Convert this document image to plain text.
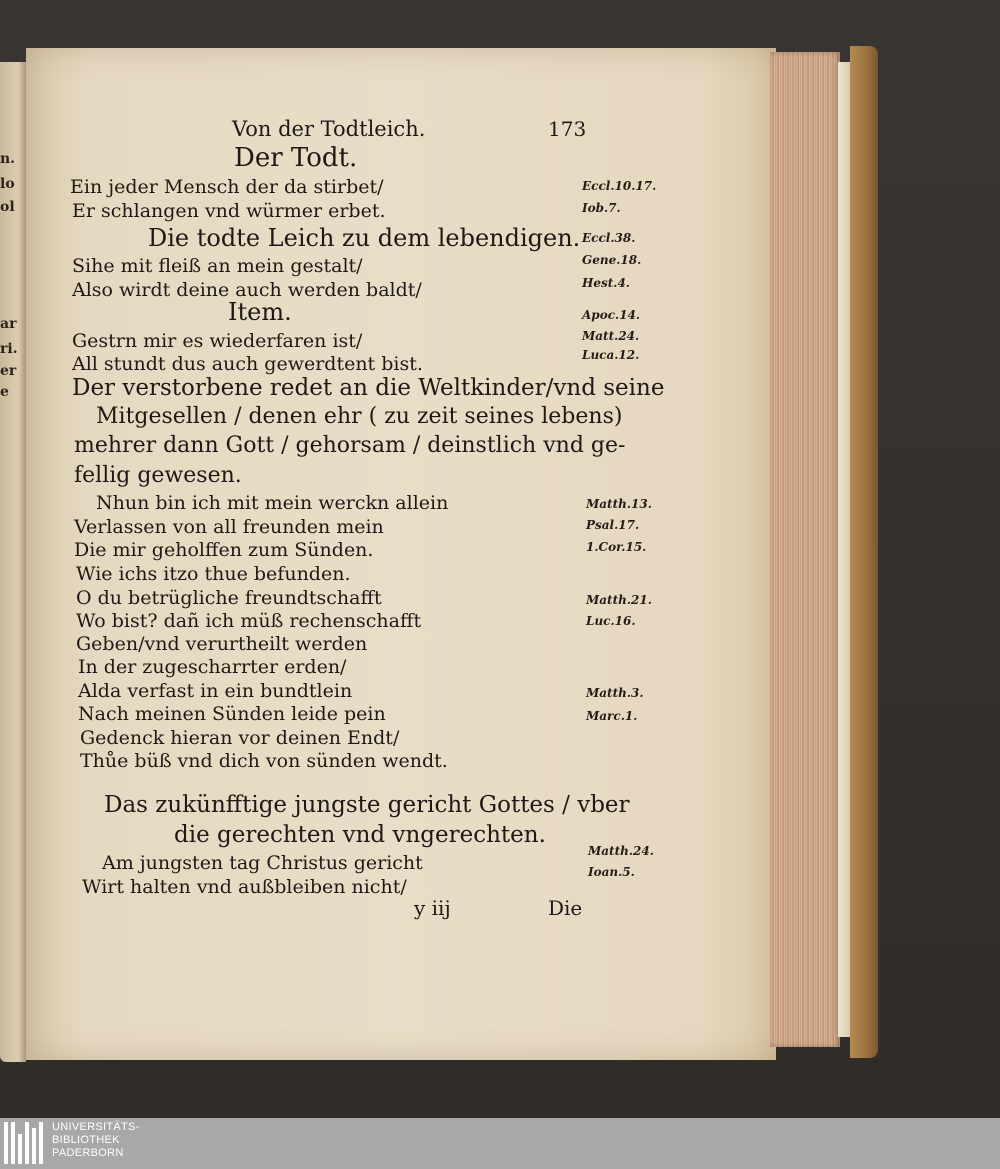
n.
lo
ol
ar
ri.
er
e
Von der Todtleich.	173
Der Todt.
Ein jeder Mensch der da stirbet/
Er schlangen vnd würmer erbet.
Die todte Leich zu dem lebendigen.
Sihe mit fleiß an mein gestalt/
Also wirdt deine auch werden baldt/
Item.
Gestrn mir es wiederfaren ist/
All stundt dus auch gewerdtent bist.
Der verstorbene redet an die Weltkinder/vnd seine
Mitgesellen / denen ehr ( zu zeit seines lebens)
mehrer dann Gott / gehorsam / deinstlich vnd ge-
fellig gewesen.
Nhun bin ich mit mein werckn allein
Verlassen von all freunden mein
Die mir geholffen zum Sünden.
Wie ichs itzo thue befunden.
O du betrügliche freundtschafft
Wo bist? dañ ich müß rechenschafft
Geben/vnd verurtheilt werden
In der zugescharrter erden/
Alda verfast in ein bundtlein
Nach meinen Sünden leide pein
Gedenck hieran vor deinen Endt/
Thůe büß vnd dich von sünden wendt.
Das zukünfftige jungste gericht Gottes / vber
die gerechten vnd vngerechten.
Am jungsten tag Christus gericht
Wirt halten vnd außbleiben nicht/
y iij	Die
Eccl.10.17.
Iob.7.
Eccl.38.
Gene.18.
Hest.4.
Apoc.14.
Matt.24.
Luca.12.
Matth.13.
Psal.17.
1.Cor.15.
Matth.21.
Luc.16.
Matth.3.
Marc.1.
Matth.24.
Ioan.5.
UNIVERSITÄTS-
BIBLIOTHEK
PADERBORN
